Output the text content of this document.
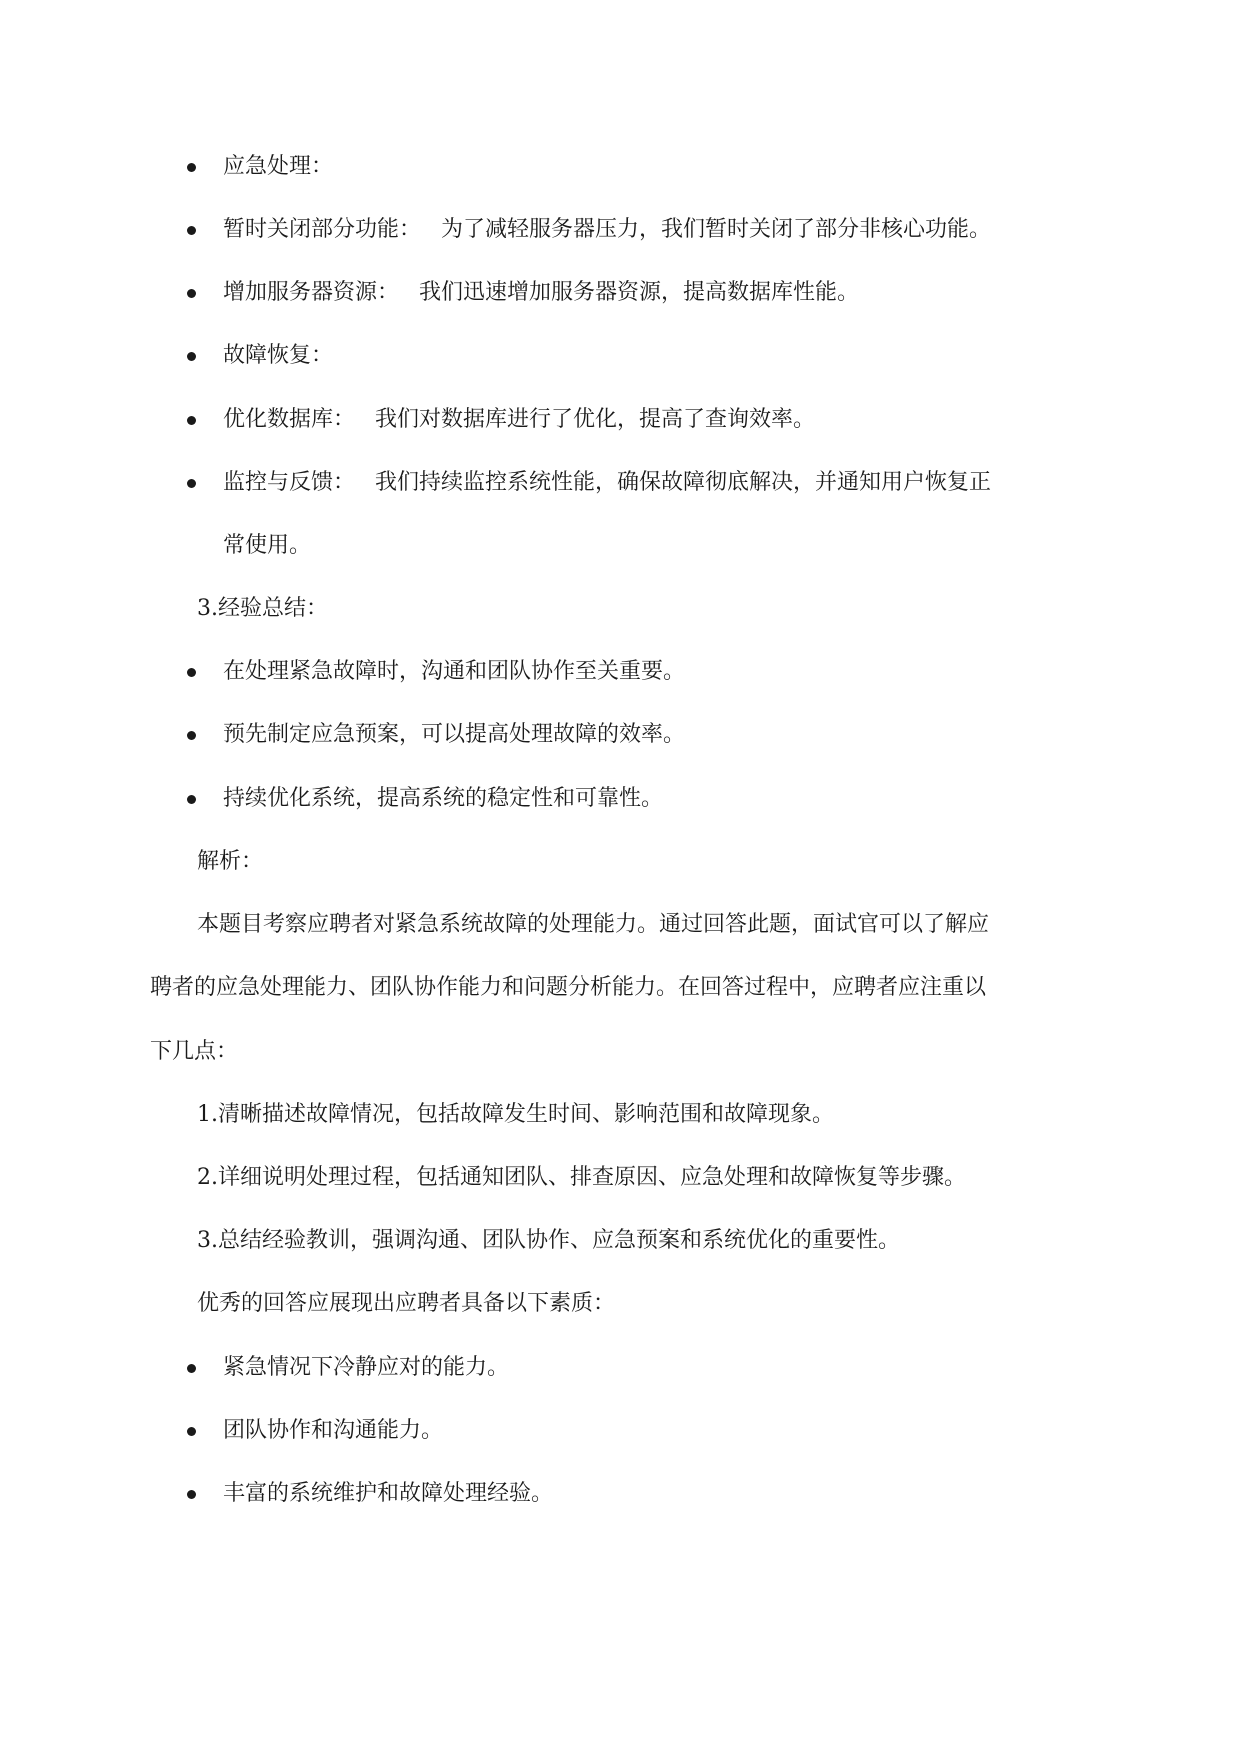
应急处理：
暂时关闭部分功能： 为了减轻服务器压力，我们暂时关闭了部分非核心功能。
增加服务器资源： 我们迅速增加服务器资源，提高数据库性能。
故障恢复：
优化数据库： 我们对数据库进行了优化，提高了查询效率。
监控与反馈： 我们持续监控系统性能，确保故障彻底解决，并通知用户恢复正
常使用。
3.经验总结：
在处理紧急故障时，沟通和团队协作至关重要。
预先制定应急预案，可以提高处理故障的效率。
持续优化系统，提高系统的稳定性和可靠性。
解析：
本题目考察应聘者对紧急系统故障的处理能力。通过回答此题，面试官可以了解应
聘者的应急处理能力、团队协作能力和问题分析能力。在回答过程中，应聘者应注重以
下几点：
1.清晰描述故障情况，包括故障发生时间、影响范围和故障现象。
2.详细说明处理过程，包括通知团队、排查原因、应急处理和故障恢复等步骤。
3.总结经验教训，强调沟通、团队协作、应急预案和系统优化的重要性。
优秀的回答应展现出应聘者具备以下素质：
紧急情况下冷静应对的能力。
团队协作和沟通能力。
丰富的系统维护和故障处理经验。
